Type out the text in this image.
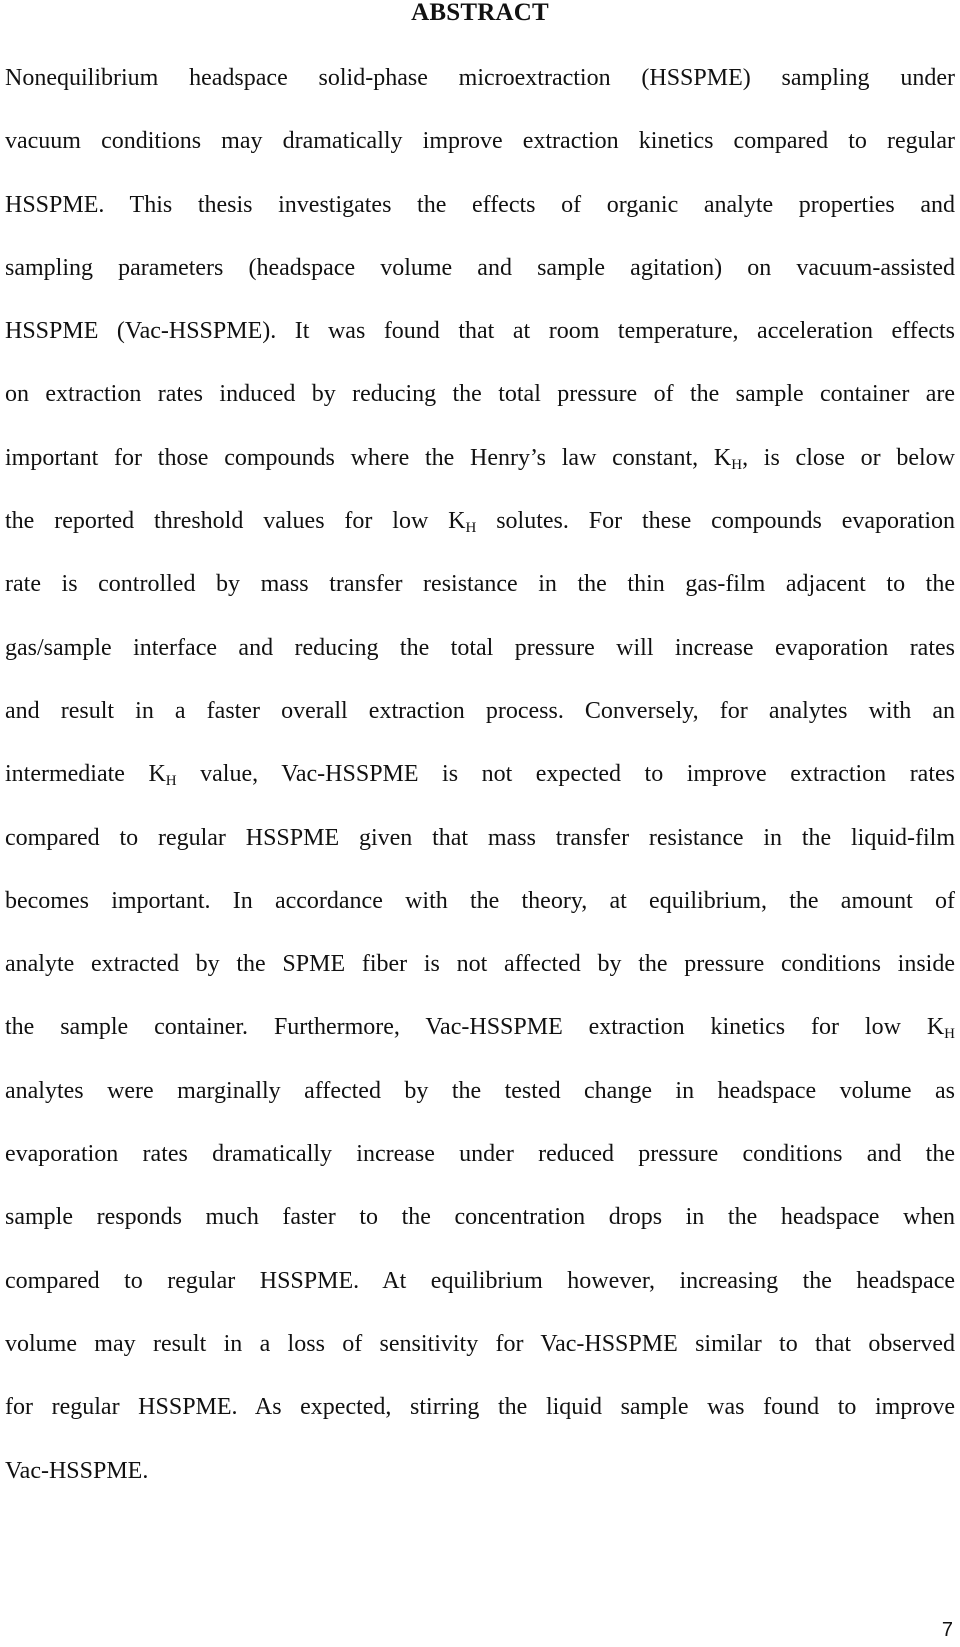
ABSTRACT
Nonequilibrium headspace solid-phase microextraction (HSSPME) sampling under
vacuum conditions may dramatically improve extraction kinetics compared to regular
HSSPME. This thesis investigates the effects of organic analyte properties and
sampling parameters (headspace volume and sample agitation) on vacuum-assisted
HSSPME (Vac-HSSPME). It was found that at room temperature, acceleration effects
on extraction rates induced by reducing the total pressure of the sample container are
important for those compounds where the Henry’s law constant, $K_H$, is close or below
the reported threshold values for low $K_H$ solutes. For these compounds evaporation
rate is controlled by mass transfer resistance in the thin gas-film adjacent to the
gas/sample interface and reducing the total pressure will increase evaporation rates
and result in a faster overall extraction process. Conversely, for analytes with an
intermediate $K_H$ value, Vac-HSSPME is not expected to improve extraction rates
compared to regular HSSPME given that mass transfer resistance in the liquid-film
becomes important. In accordance with the theory, at equilibrium, the amount of
analyte extracted by the SPME fiber is not affected by the pressure conditions inside
the sample container. Furthermore, Vac-HSSPME extraction kinetics for low $K_H$
analytes were marginally affected by the tested change in headspace volume as
evaporation rates dramatically increase under reduced pressure conditions and the
sample responds much faster to the concentration drops in the headspace when
compared to regular HSSPME. At equilibrium however, increasing the headspace
volume may result in a loss of sensitivity for Vac-HSSPME similar to that observed
for regular HSSPME. As expected, stirring the liquid sample was found to improve
Vac-HSSPME.
7
